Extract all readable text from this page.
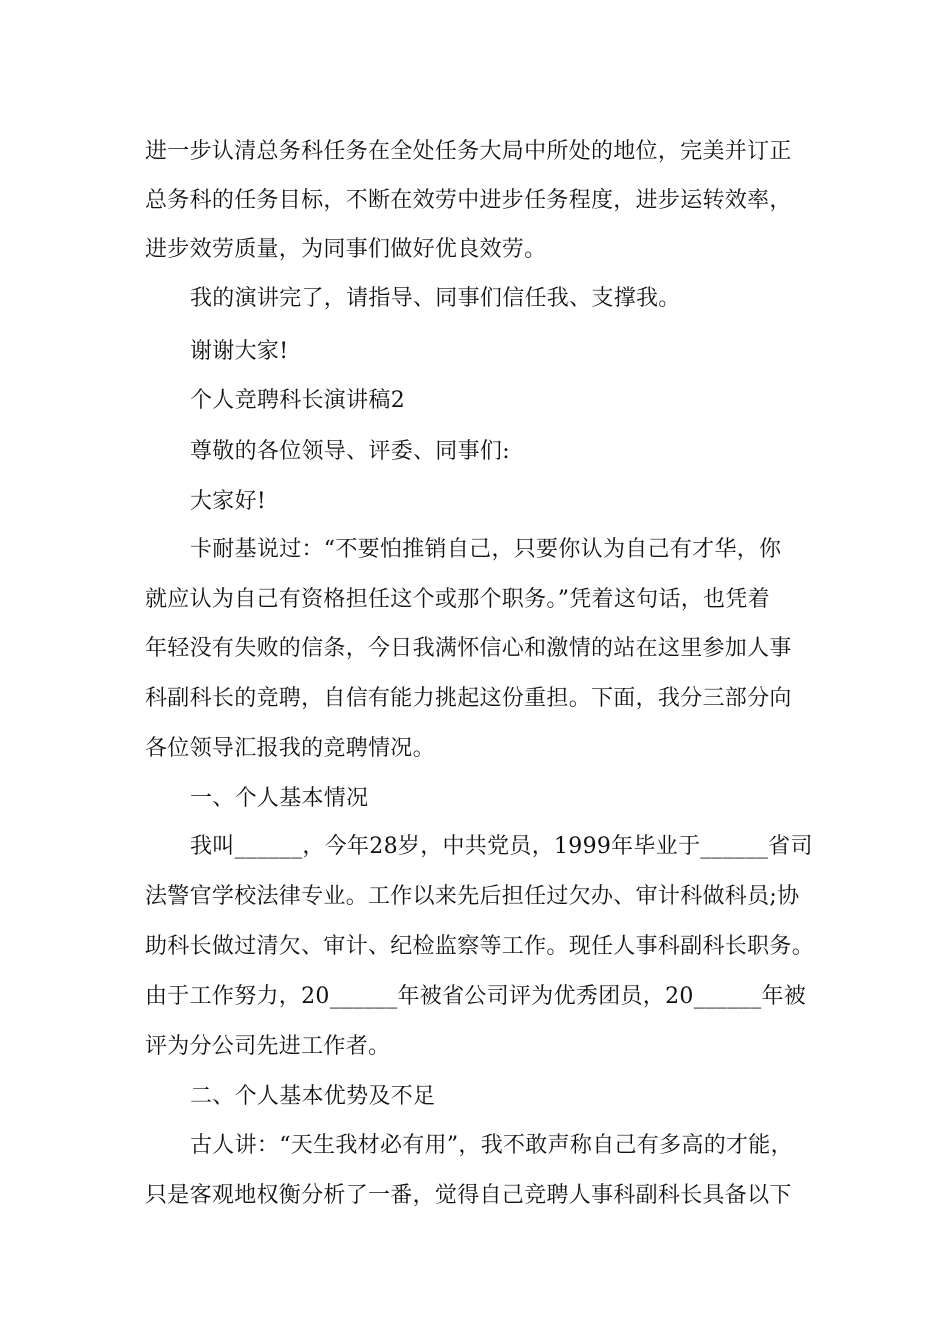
进一步认清总务科任务在全处任务大局中所处的地位，完美并订正

总务科的任务目标，不断在效劳中进步任务程度，进步运转效率，

进步效劳质量，为同事们做好优良效劳。

我的演讲完了，请指导、同事们信任我、支撑我。

谢谢大家!

个人竞聘科长演讲稿2

尊敬的各位领导、评委、同事们:

大家好!

卡耐基说过：“不要怕推销自己，只要你认为自己有才华，你

就应认为自己有资格担任这个或那个职务。”凭着这句话，也凭着

年轻没有失败的信条，今日我满怀信心和激情的站在这里参加人事

科副科长的竞聘，自信有能力挑起这份重担。下面，我分三部分向

各位领导汇报我的竞聘情况。

一、个人基本情况

我叫______，今年28岁，中共党员，1999年毕业于______省司

法警官学校法律专业。工作以来先后担任过欠办、审计科做科员;协

助科长做过清欠、审计、纪检监察等工作。现任人事科副科长职务。

由于工作努力，20______年被省公司评为优秀团员，20______年被

评为分公司先进工作者。

二、个人基本优势及不足

古人讲：“天生我材必有用”，我不敢声称自己有多高的才能，

只是客观地权衡分析了一番，觉得自己竞聘人事科副科长具备以下
